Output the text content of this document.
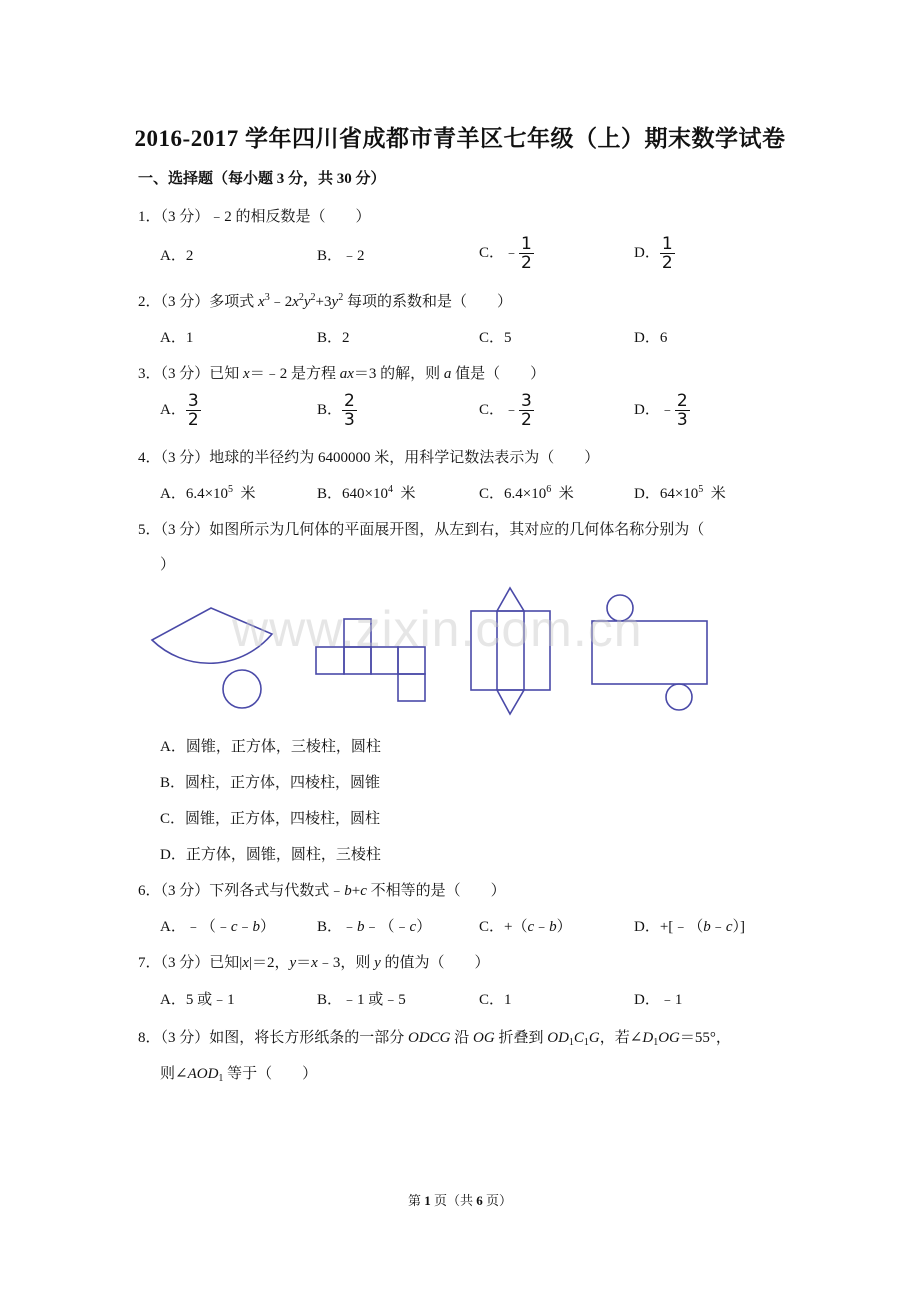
2016-2017 学年四川省成都市青羊区七年级（上）期末数学试卷
一、选择题（每小题 3 分，共 30 分）
1．（3 分）﹣2 的相反数是（　　）
A．2	B．﹣2	C．﹣ $\frac{1}{2}$	D． $\frac{1}{2}$
2．（3 分）多项式 $x^3﹣2x^2y^2+3y^2$ 每项的系数和是（　　）
A．1	B．2	C．5	D．6
3．（3 分）已知 x＝﹣2 是方程 ax＝3 的解，则 a 值是（　　）
A． $\frac{3}{2}$	B． $\frac{2}{3}$	C．﹣ $\frac{3}{2}$	D．﹣ $\frac{2}{3}$
4．（3 分）地球的半径约为 6400000 米，用科学记数法表示为（　　）
A．$6.4\times 10^5$ 米	B．$640\times 10^4$ 米	C．$6.4\times 10^6$ 米	D．$64\times 10^5$ 米
5．（3 分）如图所示为几何体的平面展开图，从左到右，其对应的几何体名称分别为（
）
www.zixin.com.cn
A．圆锥，正方体，三棱柱，圆柱
B．圆柱，正方体，四棱柱，圆锥
C．圆锥，正方体，四棱柱，圆柱
D．正方体，圆锥，圆柱，三棱柱
6．（3 分）下列各式与代数式﹣b+c 不相等的是（　　）
A．﹣（﹣c﹣b）	B．﹣b﹣（﹣c）	C．+（c﹣b）	D．+[﹣（b﹣c）]
7．（3 分）已知|x|＝2，y＝x﹣3，则 y 的值为（　　）
A．5 或﹣1	B．﹣1 或﹣5	C．1	D．﹣1
8．（3 分）如图，将长方形纸条的一部分 ODCG 沿 OG 折叠到 $OD_1C_1G$，若$\angle D_1OG=55^\circ$，
则$\angle AOD_1$ 等于（　　）
第 1 页（共 6 页）
